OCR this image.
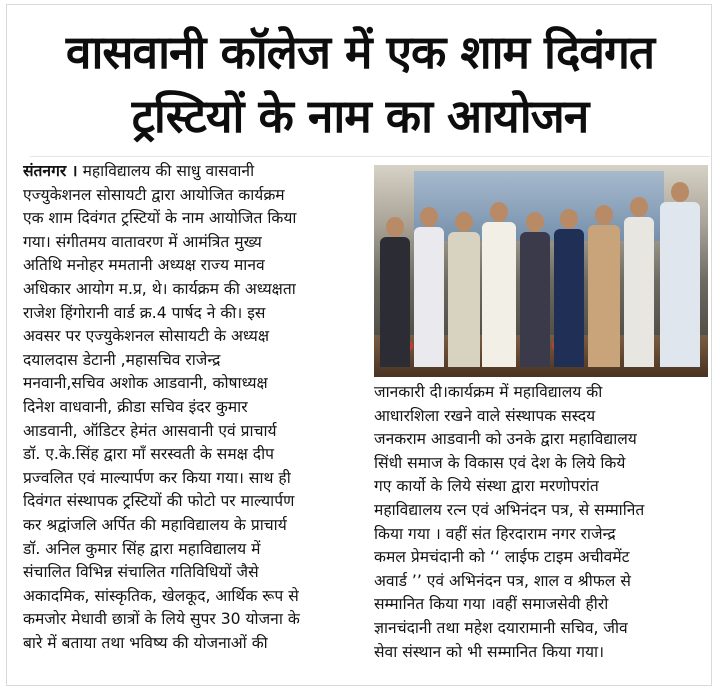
वासवानी कॉलेज में एक शाम दिवंगत
ट्रस्टियों के नाम का आयोजन
संतनगर । महाविद्यालय की साधु वासवानी
एज्युकेशनल सोसायटी द्वारा आयोजित कार्यक्रम
एक शाम दिवंगत ट्रस्टियों के नाम आयोजित किया
गया। संगीतमय वातावरण में आमंत्रित मुख्य
अतिथि मनोहर ममतानी अध्यक्ष राज्य मानव
अधिकार आयोग म.प्र, थे। कार्यक्रम की अध्यक्षता
राजेश हिंगोरानी वार्ड क्र.4 पार्षद ने की। इस
अवसर पर एज्युकेशनल सोसायटी के अध्यक्ष
दयालदास डेटानी ,महासचिव राजेन्द्र
मनवानी,सचिव अशोक आडवानी, कोषाध्यक्ष
दिनेश वाधवानी, क्रीडा सचिव इंदर कुमार
आडवानी, ऑडिटर हेमंत आसवानी एवं प्राचार्य
डॉ. ए.के.सिंह द्वारा माँ सरस्वती के समक्ष दीप
प्रज्वलित एवं माल्यार्पण कर किया गया। साथ ही
दिवंगत संस्थापक ट्रस्टियों की फोटो पर माल्यार्पण
कर श्रद्वांजलि अर्पित की महाविद्यालय के प्राचार्य
डॉ. अनिल कुमार सिंह द्वारा महाविद्यालय में
संचालित विभिन्न संचालित गतिविधियों जैसे
अकादमिक, सांस्कृतिक, खेलकूद, आर्थिक रूप से
कमजोर मेधावी छात्रों के लिये सुपर 30 योजना के
बारे में बताया तथा भविष्य की योजनाओं की
जानकारी दी।कार्यक्रम में महाविद्यालय की
आधारशिला रखने वाले संस्थापक सस्दय
जनकराम आडवानी को उनके द्वारा महाविद्यालय
सिंधी समाज के विकास एवं देश के लिये किये
गए कार्यो के लिये संस्था द्वारा मरणोपरांत
महाविद्यालय रत्न एवं अभिनंदन पत्र, से सम्मानित
किया गया । वहीं संत हिरदाराम नगर राजेन्द्र
कमल प्रेमचंदानी को ‘‘ लाईफ टाइम अचीवमेंट
अवार्ड ’’ एवं अभिनंदन पत्र, शाल व श्रीफल से
सम्मानित किया गया ।वहीं समाजसेवी हीरो
ज्ञानचंदानी तथा महेश दयारामानी सचिव, जीव
सेवा संस्थान को भी सम्मानित किया गया।
